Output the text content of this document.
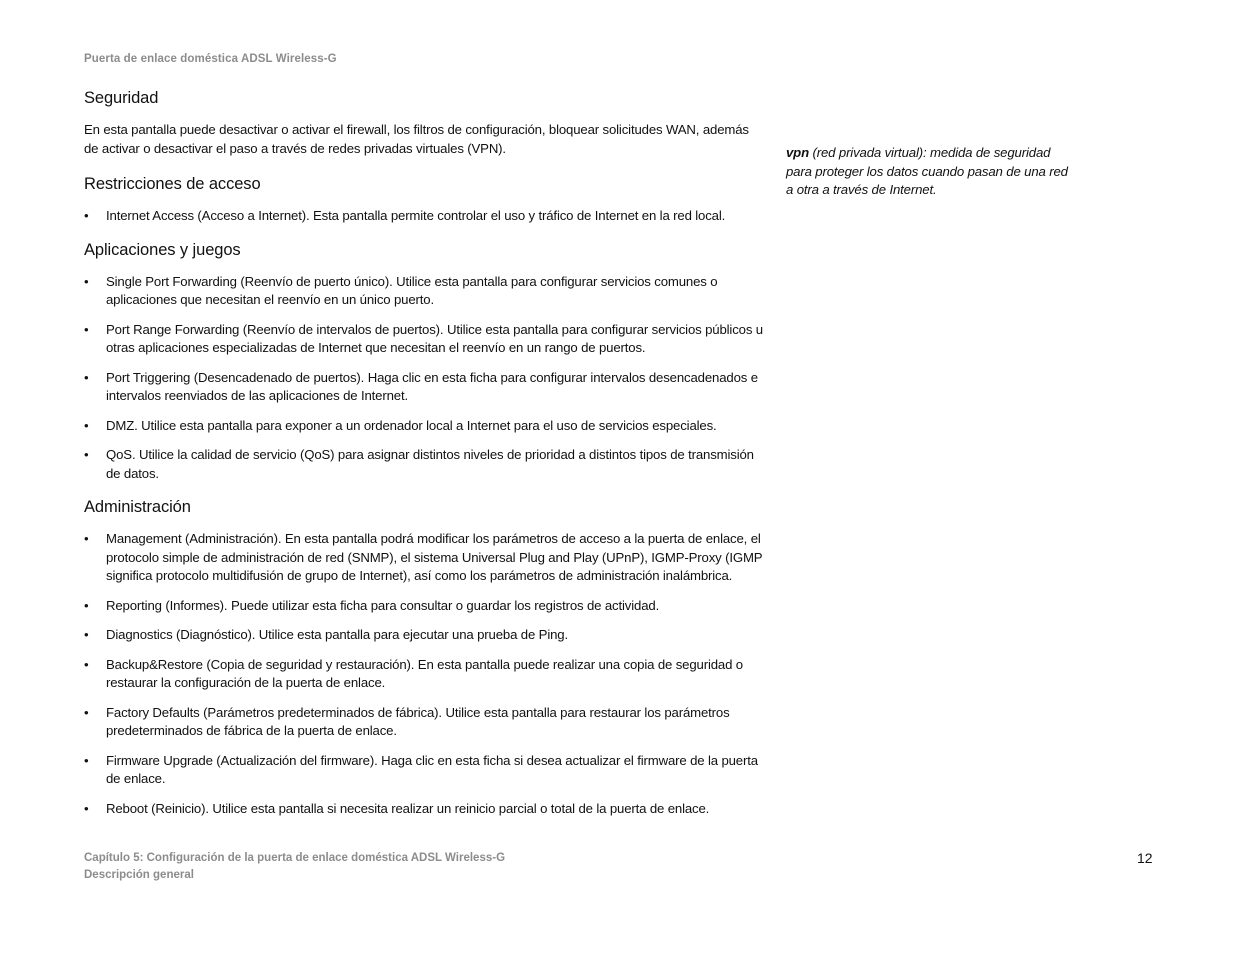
Puerta de enlace doméstica ADSL Wireless-G
Seguridad

En esta pantalla puede desactivar o activar el firewall, los filtros de configuración, bloquear solicitudes WAN, además de activar o desactivar el paso a través de redes privadas virtuales (VPN).

Restricciones de acceso
• Internet Access (Acceso a Internet). Esta pantalla permite controlar el uso y tráfico de Internet en la red local.
Aplicaciones y juegos
• Single Port Forwarding (Reenvío de puerto único). Utilice esta pantalla para configurar servicios comunes o aplicaciones que necesitan el reenvío en un único puerto.
• Port Range Forwarding (Reenvío de intervalos de puertos). Utilice esta pantalla para configurar servicios públicos u otras aplicaciones especializadas de Internet que necesitan el reenvío en un rango de puertos.
• Port Triggering (Desencadenado de puertos). Haga clic en esta ficha para configurar intervalos desencadenados e intervalos reenviados de las aplicaciones de Internet.
• DMZ. Utilice esta pantalla para exponer a un ordenador local a Internet para el uso de servicios especiales.
• QoS. Utilice la calidad de servicio (QoS) para asignar distintos niveles de prioridad a distintos tipos de transmisión de datos.
Administración
• Management (Administración). En esta pantalla podrá modificar los parámetros de acceso a la puerta de enlace, el protocolo simple de administración de red (SNMP), el sistema Universal Plug and Play (UPnP), IGMP-Proxy (IGMP significa protocolo multidifusión de grupo de Internet), así como los parámetros de administración inalámbrica.
• Reporting (Informes). Puede utilizar esta ficha para consultar o guardar los registros de actividad.
• Diagnostics (Diagnóstico). Utilice esta pantalla para ejecutar una prueba de Ping.
• Backup&Restore (Copia de seguridad y restauración). En esta pantalla puede realizar una copia de seguridad o restaurar la configuración de la puerta de enlace.
• Factory Defaults (Parámetros predeterminados de fábrica). Utilice esta pantalla para restaurar los parámetros predeterminados de fábrica de la puerta de enlace.
• Firmware Upgrade (Actualización del firmware). Haga clic en esta ficha si desea actualizar el firmware de la puerta de enlace.
• Reboot (Reinicio). Utilice esta pantalla si necesita realizar un reinicio parcial o total de la puerta de enlace.
vpn (red privada virtual): medida de seguridad para proteger los datos cuando pasan de una red a otra a través de Internet.
Capítulo 5: Configuración de la puerta de enlace doméstica ADSL Wireless-G
Descripción general
12
